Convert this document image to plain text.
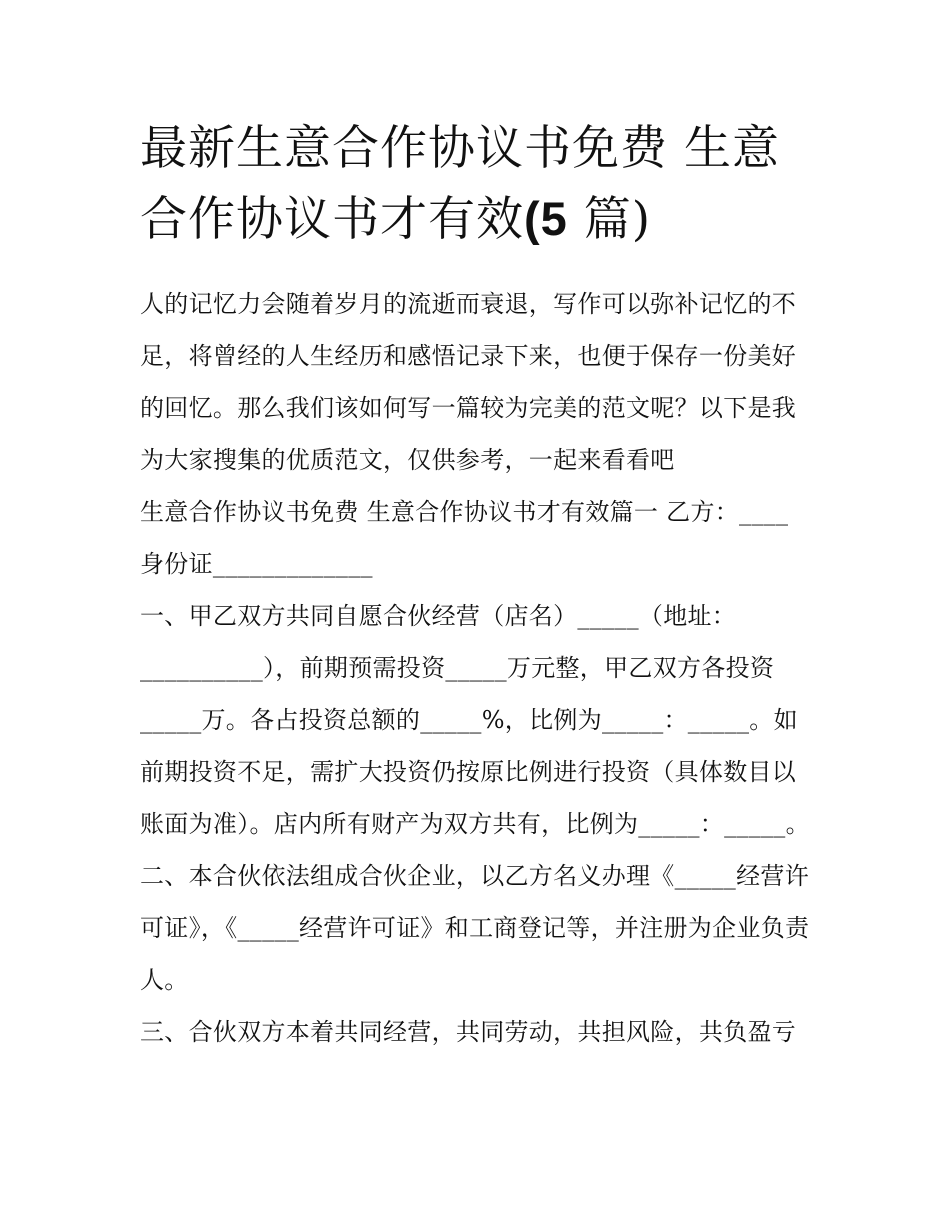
最新生意合作协议书免费 生意合作协议书才有效(5 篇)

人的记忆力会随着岁月的流逝而衰退，写作可以弥补记忆的不足，将曾经的人生经历和感悟记录下来，也便于保存一份美好的回忆。那么我们该如何写一篇较为完美的范文呢？以下是我为大家搜集的优质范文，仅供参考，一起来看看吧

生意合作协议书免费 生意合作协议书才有效篇一 乙方：____

身份证_____________

一、甲乙双方共同自愿合伙经营（店名）_____（地址：__________），前期预需投资_____万元整，甲乙双方各投资_____万。各占投资总额的_____%，比例为_____：_____。如前期投资不足，需扩大投资仍按原比例进行投资（具体数目以账面为准）。店内所有财产为双方共有，比例为_____：_____。

二、本合伙依法组成合伙企业，以乙方名义办理《_____经营许可证》，《_____经营许可证》和工商登记等，并注册为企业负责人。

三、合伙双方本着共同经营，共同劳动，共担风险，共负盈亏
